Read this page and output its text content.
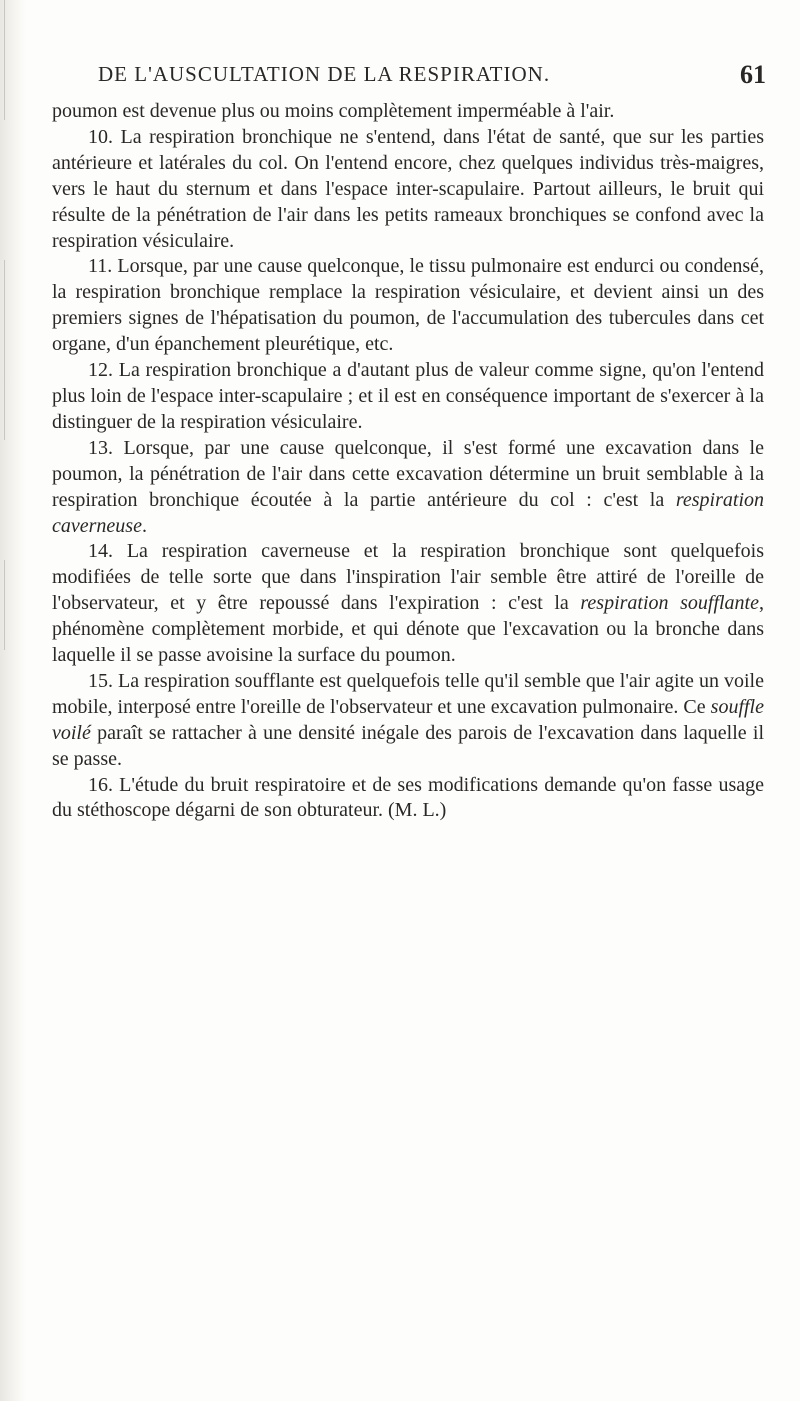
DE L'AUSCULTATION DE LA RESPIRATION.	61

poumon est devenue plus ou moins complètement imperméable à l'air.

10. La respiration bronchique ne s'entend, dans l'état de santé, que sur les parties antérieure et latérales du col. On l'entend encore, chez quelques individus très-maigres, vers le haut du sternum et dans l'espace inter-scapulaire. Partout ailleurs, le bruit qui résulte de la pénétration de l'air dans les petits rameaux bronchiques se confond avec la respiration vésiculaire.

11. Lorsque, par une cause quelconque, le tissu pulmonaire est endurci ou condensé, la respiration bronchique remplace la respiration vésiculaire, et devient ainsi un des premiers signes de l'hépatisation du poumon, de l'accumulation des tubercules dans cet organe, d'un épanchement pleurétique, etc.

12. La respiration bronchique a d'autant plus de valeur comme signe, qu'on l'entend plus loin de l'espace inter-scapulaire ; et il est en conséquence important de s'exercer à la distinguer de la respiration vésiculaire.

13. Lorsque, par une cause quelconque, il s'est formé une excavation dans le poumon, la pénétration de l'air dans cette excavation détermine un bruit semblable à la respiration bronchique écoutée à la partie antérieure du col : c'est la respiration caverneuse.

14. La respiration caverneuse et la respiration bronchique sont quelquefois modifiées de telle sorte que dans l'inspiration l'air semble être attiré de l'oreille de l'observateur, et y être repoussé dans l'expiration : c'est la respiration soufflante, phénomène complètement morbide, et qui dénote que l'excavation ou la bronche dans laquelle il se passe avoisine la surface du poumon.

15. La respiration soufflante est quelquefois telle qu'il semble que l'air agite un voile mobile, interposé entre l'oreille de l'observateur et une excavation pulmonaire. Ce souffle voilé paraît se rattacher à une densité inégale des parois de l'excavation dans laquelle il se passe.

16. L'étude du bruit respiratoire et de ses modifications demande qu'on fasse usage du stéthoscope dégarni de son obturateur. (M. L.)
